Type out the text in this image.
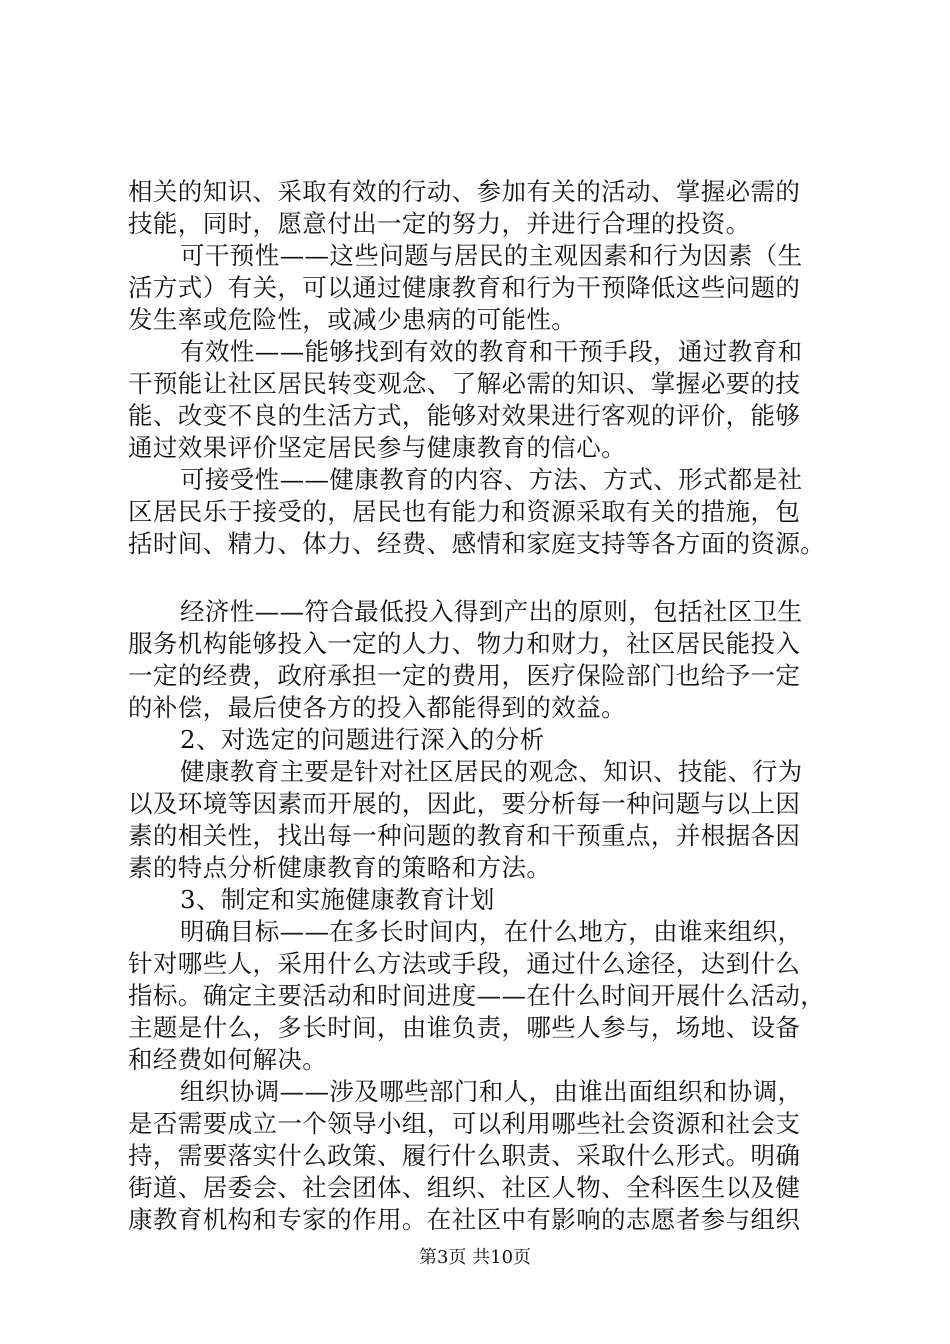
相关的知识、采取有效的行动、参加有关的活动、掌握必需的
技能，同时，愿意付出一定的努力，并进行合理的投资。
可干预性——这些问题与居民的主观因素和行为因素（生
活方式）有关，可以通过健康教育和行为干预降低这些问题的
发生率或危险性，或减少患病的可能性。
有效性——能够找到有效的教育和干预手段，通过教育和
干预能让社区居民转变观念、了解必需的知识、掌握必要的技
能、改变不良的生活方式，能够对效果进行客观的评价，能够
通过效果评价坚定居民参与健康教育的信心。
可接受性——健康教育的内容、方法、方式、形式都是社
区居民乐于接受的，居民也有能力和资源采取有关的措施，包
括时间、精力、体力、经费、感情和家庭支持等各方面的资源。
经济性——符合最低投入得到产出的原则，包括社区卫生
服务机构能够投入一定的人力、物力和财力，社区居民能投入
一定的经费，政府承担一定的费用，医疗保险部门也给予一定
的补偿，最后使各方的投入都能得到的效益。
2、对选定的问题进行深入的分析
健康教育主要是针对社区居民的观念、知识、技能、行为
以及环境等因素而开展的，因此，要分析每一种问题与以上因
素的相关性，找出每一种问题的教育和干预重点，并根据各因
素的特点分析健康教育的策略和方法。
3、制定和实施健康教育计划
明确目标——在多长时间内，在什么地方，由谁来组织，
针对哪些人，采用什么方法或手段，通过什么途径，达到什么
指标。确定主要活动和时间进度——在什么时间开展什么活动，
主题是什么，多长时间，由谁负责，哪些人参与，场地、设备
和经费如何解决。
组织协调——涉及哪些部门和人，由谁出面组织和协调，
是否需要成立一个领导小组，可以利用哪些社会资源和社会支
持，需要落实什么政策、履行什么职责、采取什么形式。明确
街道、居委会、社会团体、组织、社区人物、全科医生以及健
康教育机构和专家的作用。在社区中有影响的志愿者参与组织
第3页 共10页
